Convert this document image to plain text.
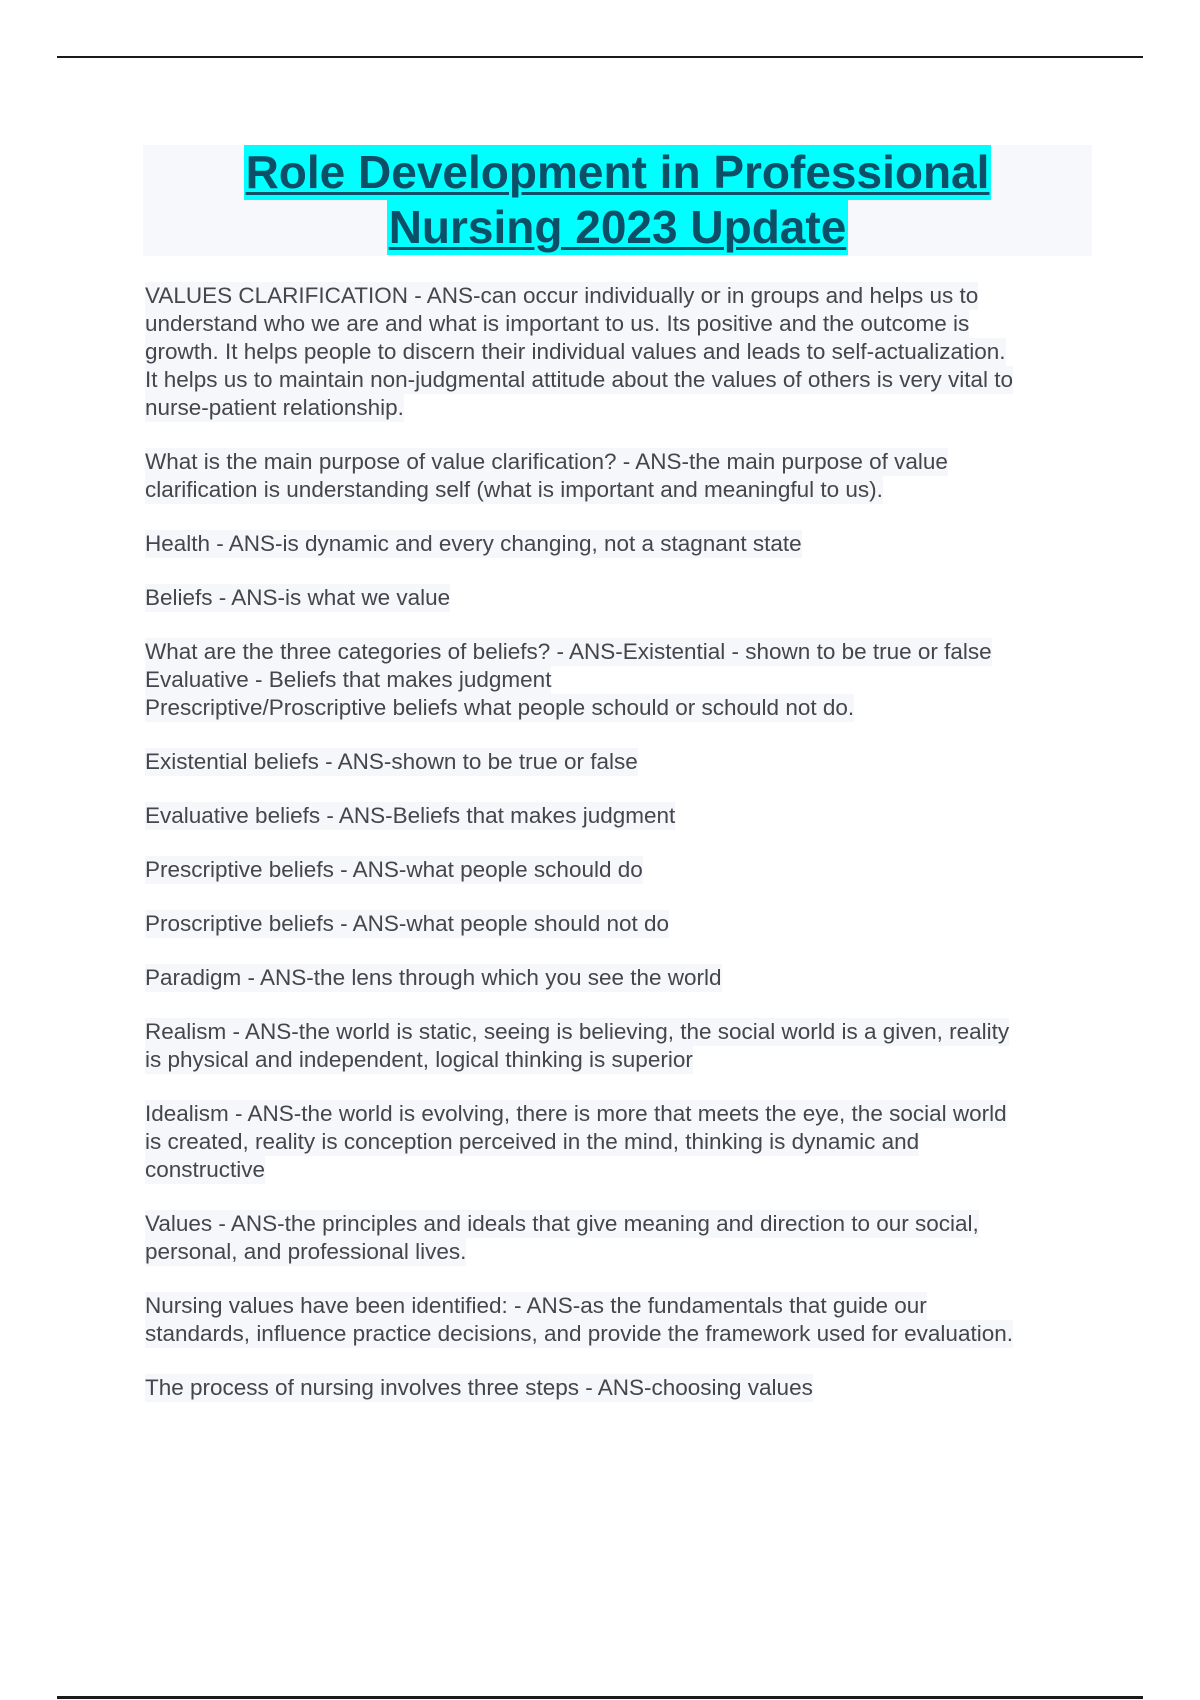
Role Development in Professional
Nursing 2023 Update
VALUES CLARIFICATION - ANS-can occur individually or in groups and helps us to
understand who we are and what is important to us. Its positive and the outcome is
growth. It helps people to discern their individual values and leads to self-actualization.
It helps us to maintain non-judgmental attitude about the values of others is very vital to
nurse-patient relationship.
What is the main purpose of value clarification? - ANS-the main purpose of value
clarification is understanding self (what is important and meaningful to us).
Health - ANS-is dynamic and every changing, not a stagnant state
Beliefs - ANS-is what we value
What are the three categories of beliefs? - ANS-Existential - shown to be true or false
Evaluative - Beliefs that makes judgment
Prescriptive/Proscriptive beliefs what people schould or schould not do.
Existential beliefs - ANS-shown to be true or false
Evaluative beliefs - ANS-Beliefs that makes judgment
Prescriptive beliefs - ANS-what people schould do
Proscriptive beliefs - ANS-what people should not do
Paradigm - ANS-the lens through which you see the world
Realism - ANS-the world is static, seeing is believing, the social world is a given, reality
is physical and independent, logical thinking is superior
Idealism - ANS-the world is evolving, there is more that meets the eye, the social world
is created, reality is conception perceived in the mind, thinking is dynamic and
constructive
Values - ANS-the principles and ideals that give meaning and direction to our social,
personal, and professional lives.
Nursing values have been identified: - ANS-as the fundamentals that guide our
standards, influence practice decisions, and provide the framework used for evaluation.
The process of nursing involves three steps - ANS-choosing values
